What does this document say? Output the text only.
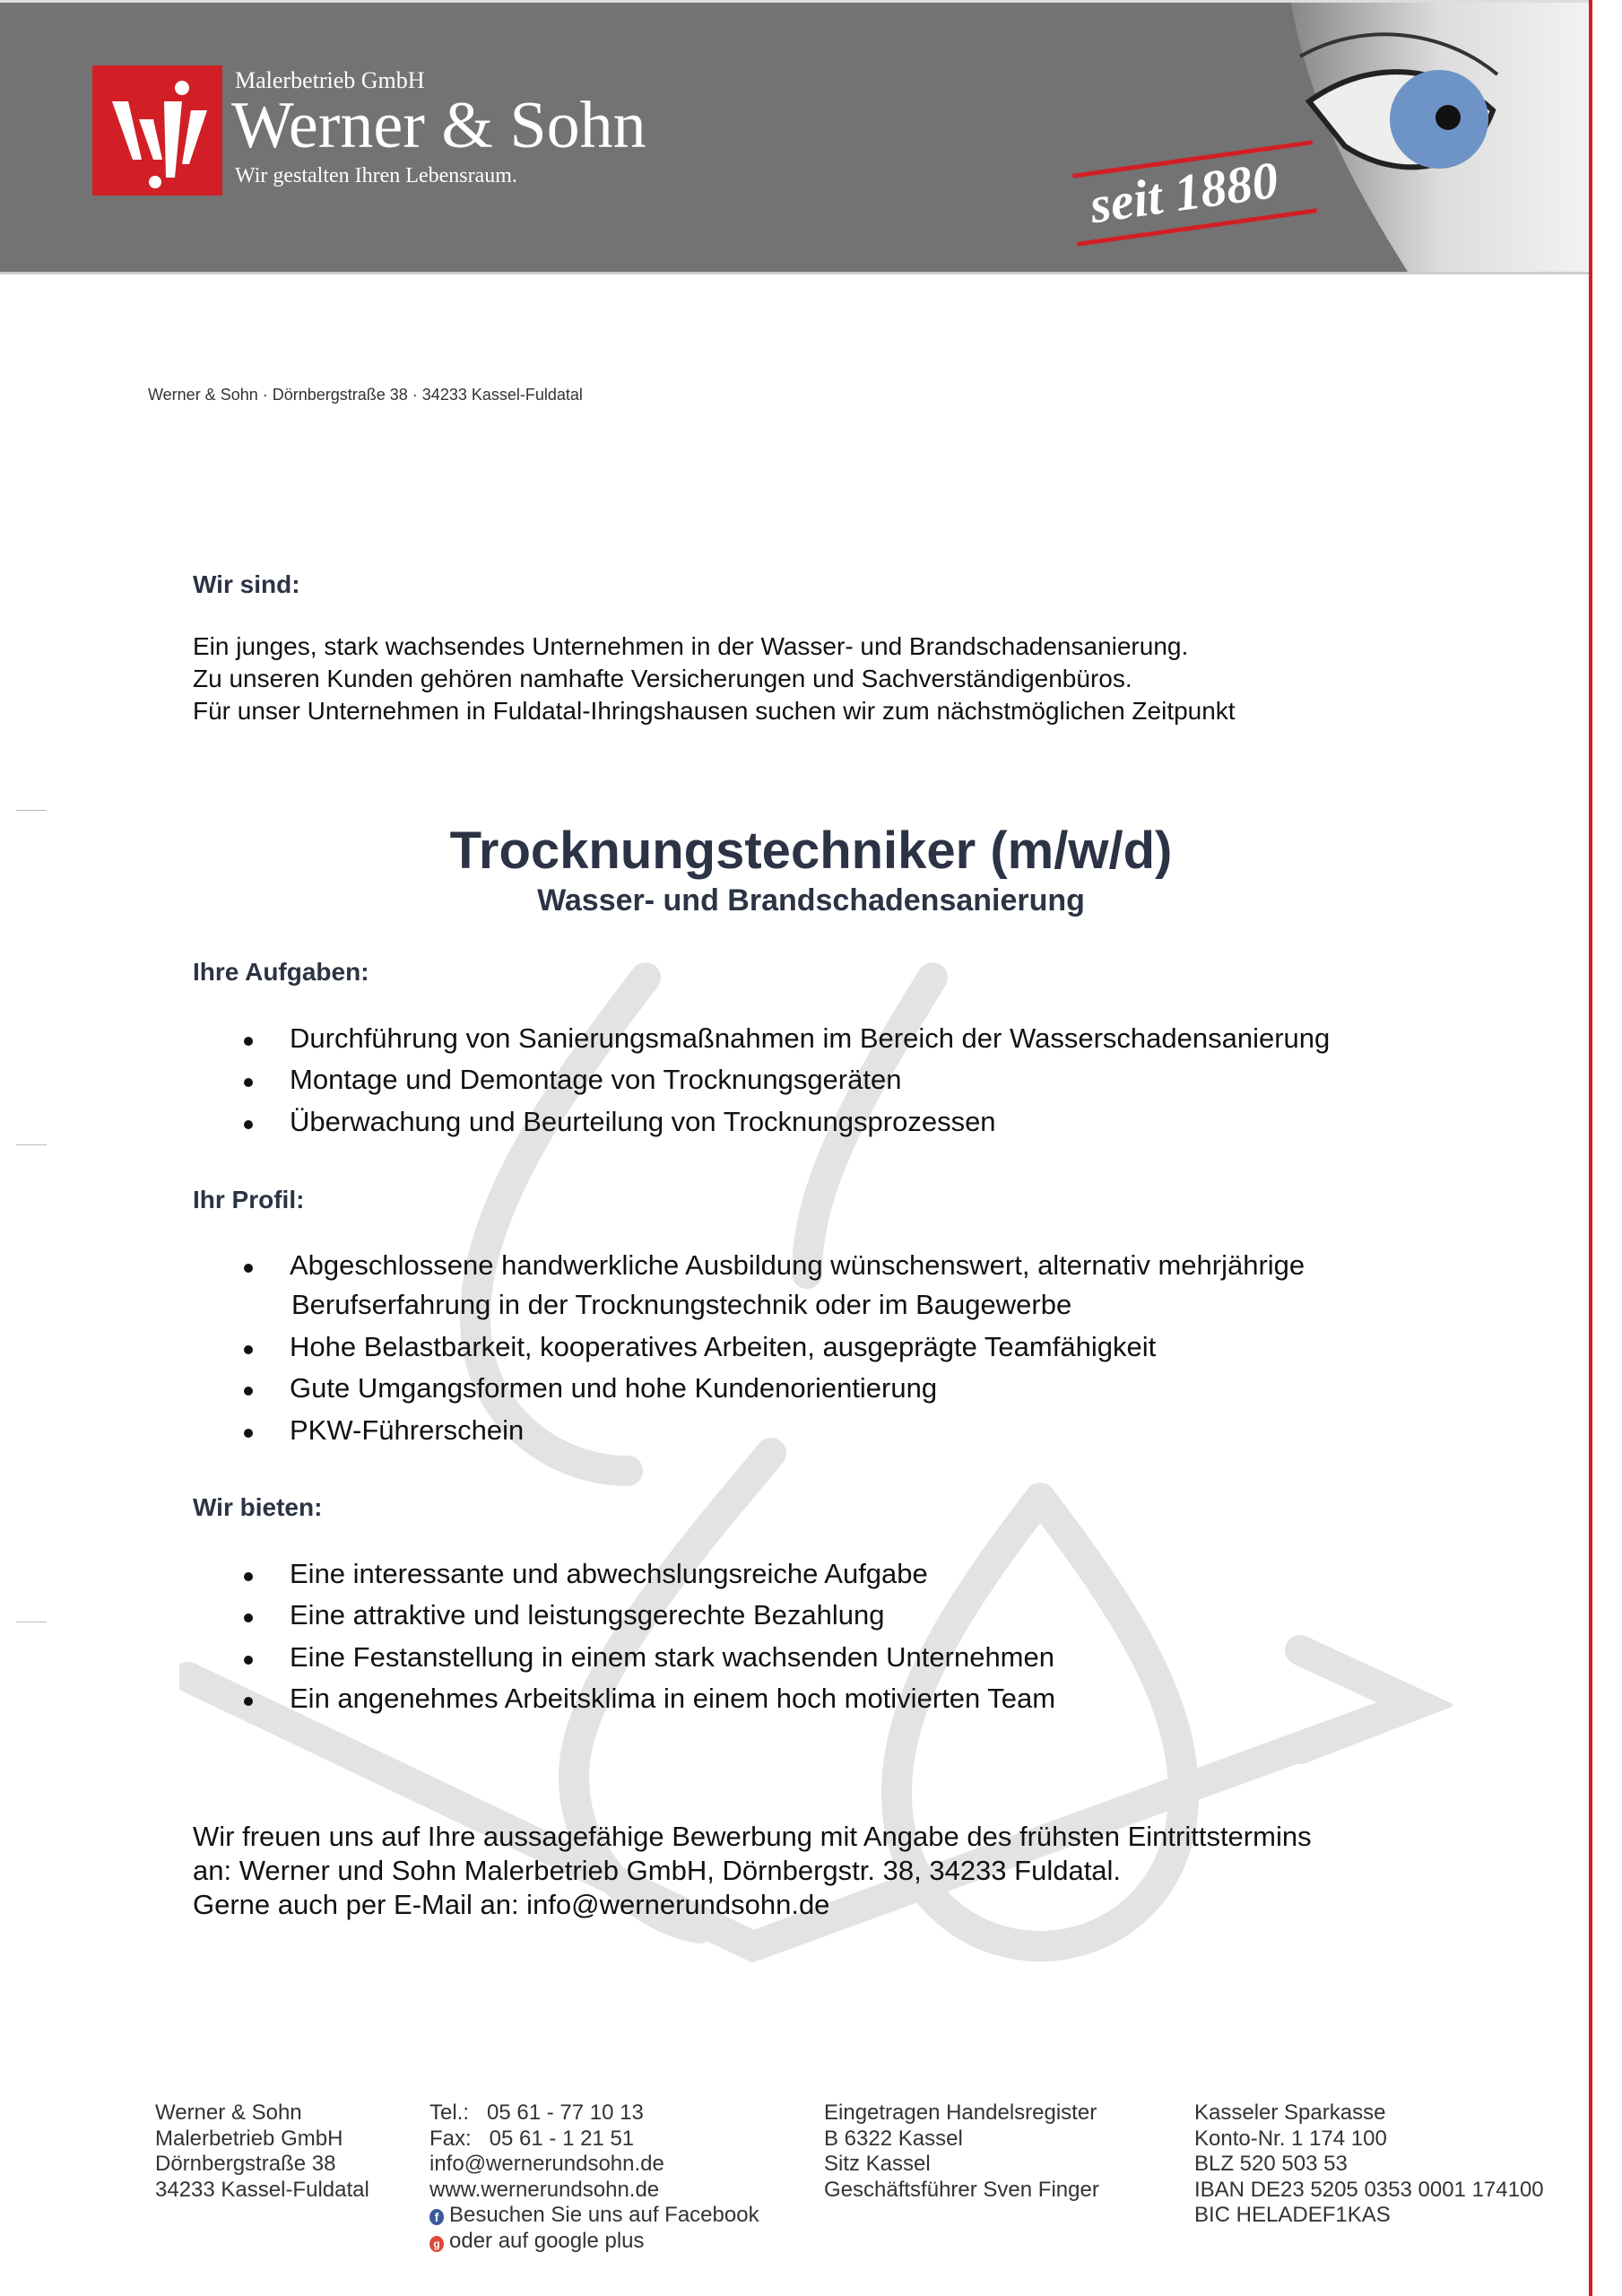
Malerbetrieb GmbH
Werner & Sohn
Wir gestalten Ihren Lebensraum.	seit 1880
Werner & Sohn · Dörnbergstraße 38 · 34233 Kassel-Fuldatal
Wir sind:
Ein junges, stark wachsendes Unternehmen in der Wasser- und Brandschadensanierung.
Zu unseren Kunden gehören namhafte Versicherungen und Sachverständigenbüros.
Für unser Unternehmen in Fuldatal-Ihringshausen suchen wir zum nächstmöglichen Zeitpunkt
Trocknungstechniker (m/w/d)
Wasser- und Brandschadensanierung
Ihre Aufgaben:
Durchführung von Sanierungsmaßnahmen im Bereich der Wasserschadensanierung
Montage und Demontage von Trocknungsgeräten
Überwachung und Beurteilung von Trocknungsprozessen
Ihr Profil:
Abgeschlossene handwerkliche Ausbildung wünschenswert, alternativ mehrjährige
Berufserfahrung in der Trocknungstechnik oder im Baugewerbe
Hohe Belastbarkeit, kooperatives Arbeiten, ausgeprägte Teamfähigkeit
Gute Umgangsformen und hohe Kundenorientierung
PKW-Führerschein
Wir bieten:
Eine interessante und abwechslungsreiche Aufgabe
Eine attraktive und leistungsgerechte Bezahlung
Eine Festanstellung in einem stark wachsenden Unternehmen
Ein angenehmes Arbeitsklima in einem hoch motivierten Team
Wir freuen uns auf Ihre aussagefähige Bewerbung mit Angabe des frühsten Eintrittstermins
an: Werner und Sohn Malerbetrieb GmbH, Dörnbergstr. 38, 34233 Fuldatal.
Gerne auch per E-Mail an: info@wernerundsohn.de
Werner & Sohn
Malerbetrieb GmbH
Dörnbergstraße 38
34233 Kassel-Fuldatal
Tel.:   05 61 - 77 10 13
Fax:   05 61 - 1 21 51
info@wernerundsohn.de
www.wernerundsohn.de
f Besuchen Sie uns auf Facebook
g oder auf google plus
Eingetragen Handelsregister
B 6322 Kassel
Sitz Kassel
Geschäftsführer Sven Finger
Kasseler Sparkasse
Konto-Nr. 1 174 100
BLZ 520 503 53
IBAN DE23 5205 0353 0001 174100
BIC HELADEF1KAS
